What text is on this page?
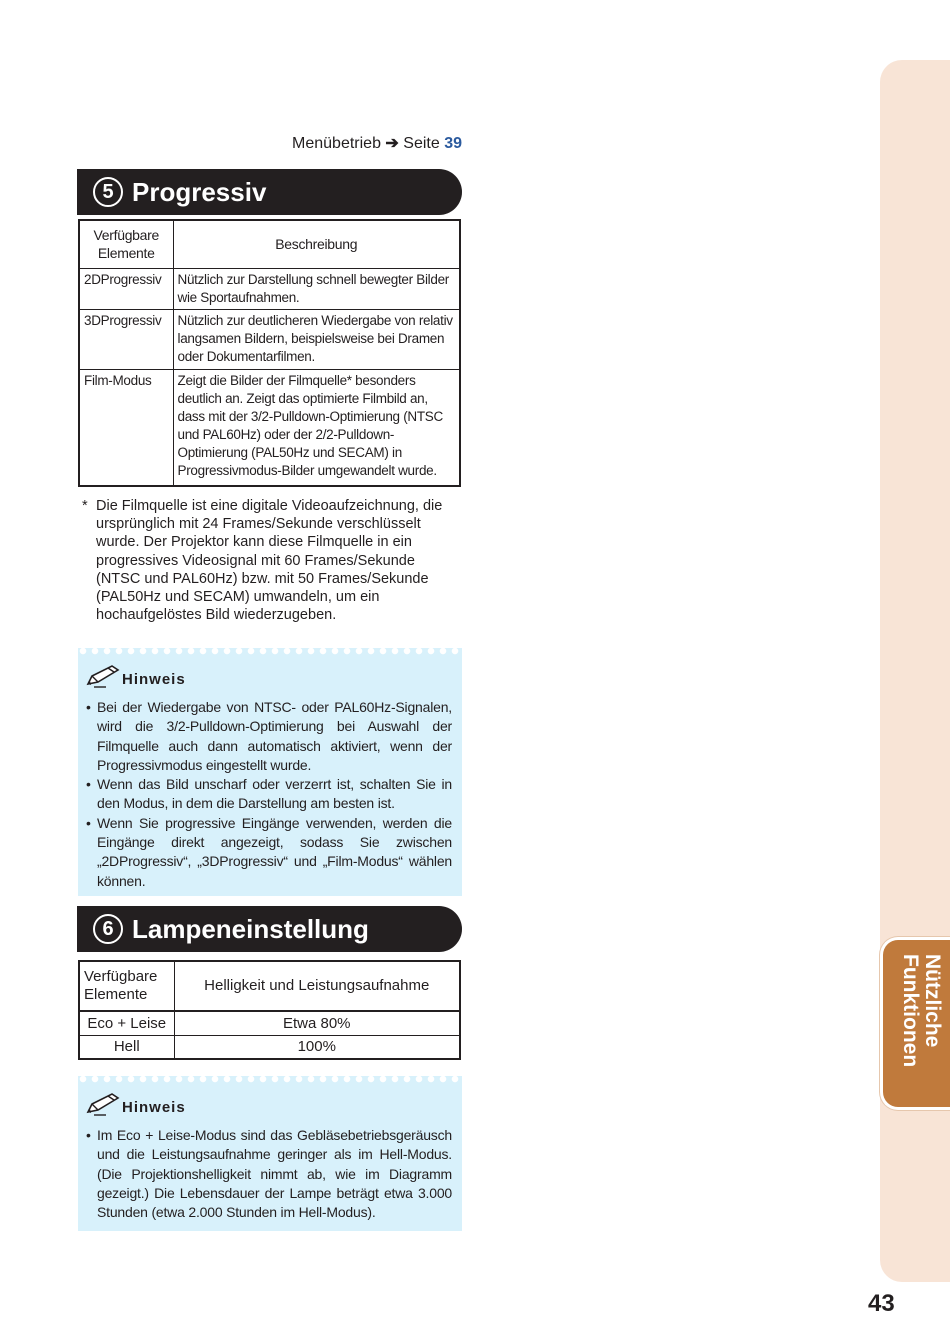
Nützliche
Funktionen
Menübetrieb ➔ Seite 39
5 Progressiv
Verfügbare Elemente	Beschreibung
2DProgressiv	Nützlich zur Darstellung schnell bewegter Bilder wie Sportaufnahmen.
3DProgressiv	Nützlich zur deutlicheren Wiedergabe von relativ langsamen Bildern, beispielsweise bei Dramen oder Dokumentarfilmen.
Film-Modus	Zeigt die Bilder der Filmquelle* besonders deutlich an. Zeigt das optimierte Filmbild an, dass mit der 3/2-Pulldown-Optimierung (NTSC und PAL60Hz) oder der 2/2-Pulldown-Optimierung (PAL50Hz und SECAM) in Progressivmodus-Bilder umgewandelt wurde.
* Die Filmquelle ist eine digitale Videoaufzeichnung, die ursprünglich mit 24 Frames/Sekunde verschlüsselt wurde. Der Projektor kann diese Filmquelle in ein progressives Videosignal mit 60 Frames/Sekunde (NTSC und PAL60Hz) bzw. mit 50 Frames/Sekunde (PAL50Hz und SECAM) umwandeln, um ein hochaufgelöstes Bild wiederzugeben.
Hinweis
• Bei der Wiedergabe von NTSC- oder PAL60Hz-Signalen, wird die 3/2-Pulldown-Optimierung bei Auswahl der Filmquelle auch dann automatisch aktiviert, wenn der Progressivmodus eingestellt wurde.
• Wenn das Bild unscharf oder verzerrt ist, schalten Sie in den Modus, in dem die Darstellung am besten ist.
• Wenn Sie progressive Eingänge verwenden, werden die Eingänge direkt angezeigt, sodass Sie zwischen „2DProgressiv“, „3DProgressiv“ und „Film-Modus“ wählen können.
6 Lampeneinstellung
Verfügbare Elemente	Helligkeit und Leistungsaufnahme
Eco + Leise	Etwa 80%
Hell	100%
Hinweis
• Im Eco + Leise-Modus sind das Gebläsebetriebsgeräusch und die Leistungsaufnahme geringer als im Hell-Modus. (Die Projektionshelligkeit nimmt ab, wie im Diagramm gezeigt.) Die Lebensdauer der Lampe beträgt etwa 3.000 Stunden (etwa 2.000 Stunden im Hell-Modus).
43
